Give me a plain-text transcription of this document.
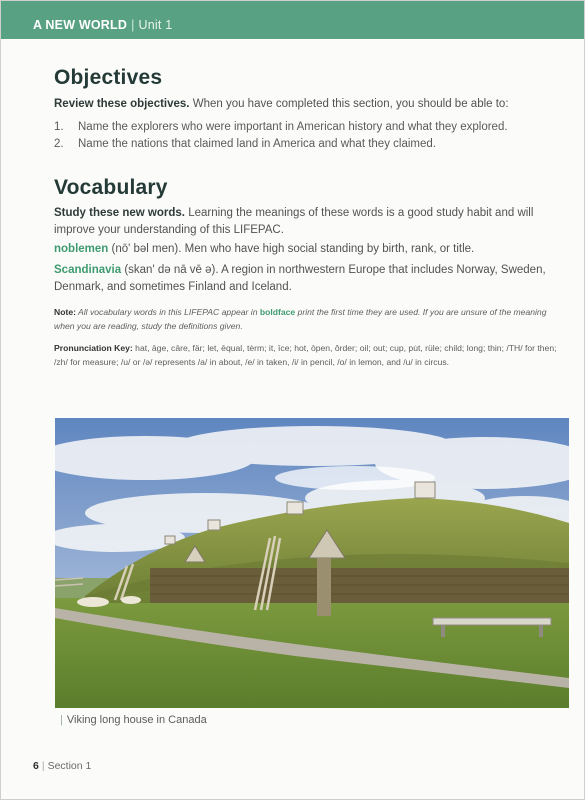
A NEW WORLD | Unit 1
Objectives

Review these objectives. When you have completed this section, you should be able to:

1. Name the explorers who were important in American history and what they explored.
2. Name the nations that claimed land in America and what they claimed.
Vocabulary

Study these new words. Learning the meanings of these words is a good study habit and will improve your understanding of this LIFEPAC.

noblemen (nō' bəl men). Men who have high social standing by birth, rank, or title.

Scandinavia (skan' də nā vē ə). A region in northwestern Europe that includes Norway, Sweden, Denmark, and sometimes Finland and Iceland.

Note: All vocabulary words in this LIFEPAC appear in boldface print the first time they are used. If you are unsure of the meaning when you are reading, study the definitions given.

Pronunciation Key: hat, āge, cāre, fär; let, ēqual, tėrm; it, īce; hot, ōpen, ôrder; oil; out; cup, pu̇t, rüle; child; long; thin; /TH/ for then; /zh/ for measure; /u/ or /ə/ represents /a/ in about, /e/ in taken, /i/ in pencil, /o/ in lemon, and /u/ in circus.

| Viking long house in Canada
6 | Section 1
